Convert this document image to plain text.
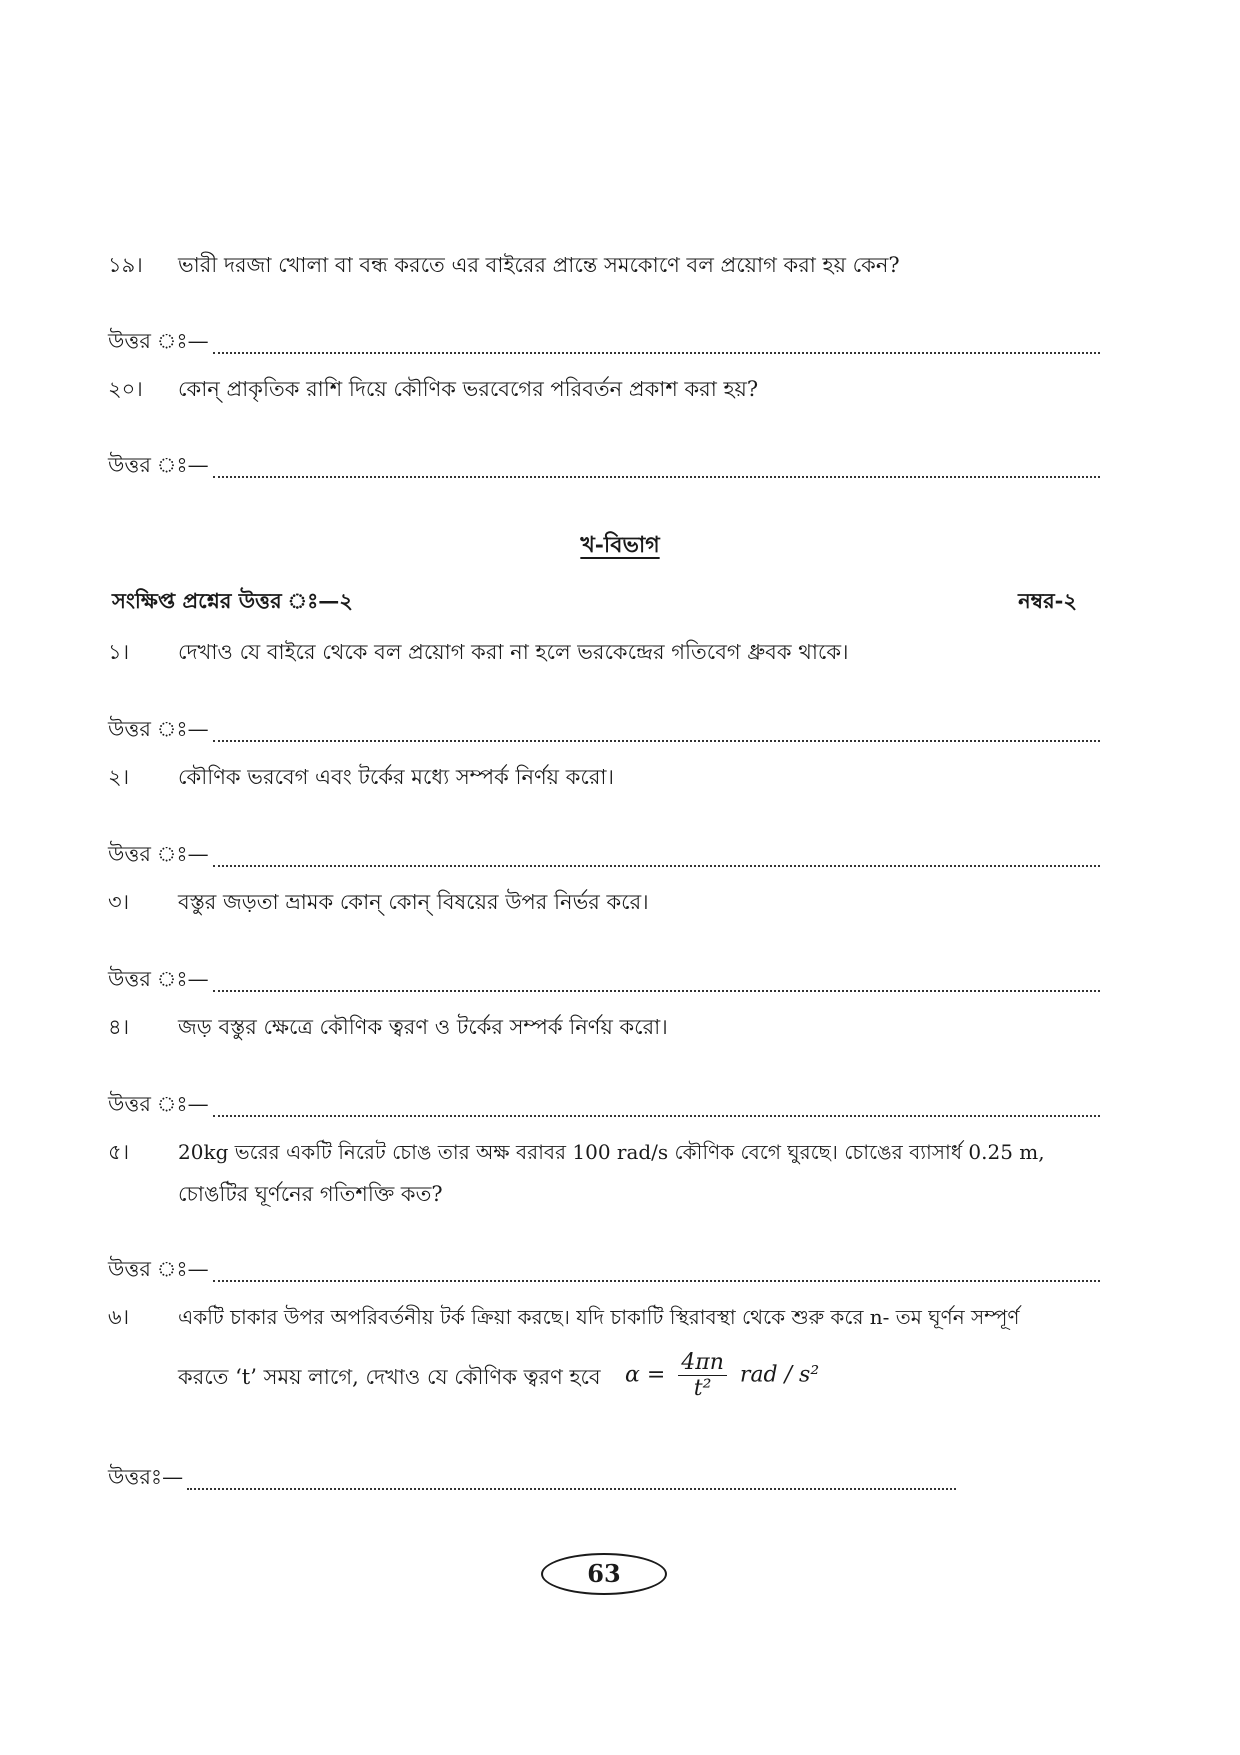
১৯। ভারী দরজা খোলা বা বন্ধ করতে এর বাইরের প্রান্তে সমকোণে বল প্রয়োগ করা হয় কেন?
উত্তর ঃ—
২০। কোন্ প্রাকৃতিক রাশি দিয়ে কৌণিক ভরবেগের পরিবর্তন প্রকাশ করা হয়?
উত্তর ঃ—
খ-বিভাগ
সংক্ষিপ্ত প্রশ্নের উত্তর ঃ—২	নম্বর-২
১। দেখাও যে বাইরে থেকে বল প্রয়োগ করা না হলে ভরকেন্দ্রের গতিবেগ ধ্রুবক থাকে।
উত্তর ঃ—
২। কৌণিক ভরবেগ এবং টর্কের মধ্যে সম্পর্ক নির্ণয় করো।
উত্তর ঃ—
৩। বস্তুর জড়তা ভ্রামক কোন্ কোন্ বিষয়ের উপর নির্ভর করে।
উত্তর ঃ—
৪। জড় বস্তুর ক্ষেত্রে কৌণিক ত্বরণ ও টর্কের সম্পর্ক নির্ণয় করো।
উত্তর ঃ—
৫। 20kg ভরের একটি নিরেট চোঙ তার অক্ষ বরাবর 100 rad/s কৌণিক বেগে ঘুরছে। চোঙের ব্যাসার্ধ 0.25 m,
চোঙটির ঘূর্ণনের গতিশক্তি কত?
উত্তর ঃ—
৬। একটি চাকার উপর অপরিবর্তনীয় টর্ক ক্রিয়া করছে। যদি চাকাটি স্থিরাবস্থা থেকে শুরু করে n- তম ঘূর্ণন সম্পূর্ণ
করতে ‘t’ সময় লাগে, দেখাও যে কৌণিক ত্বরণ হবে	$\alpha = \frac{4\pi n}{\text{t²}}$ rad / s²
উত্তরঃ—
63
